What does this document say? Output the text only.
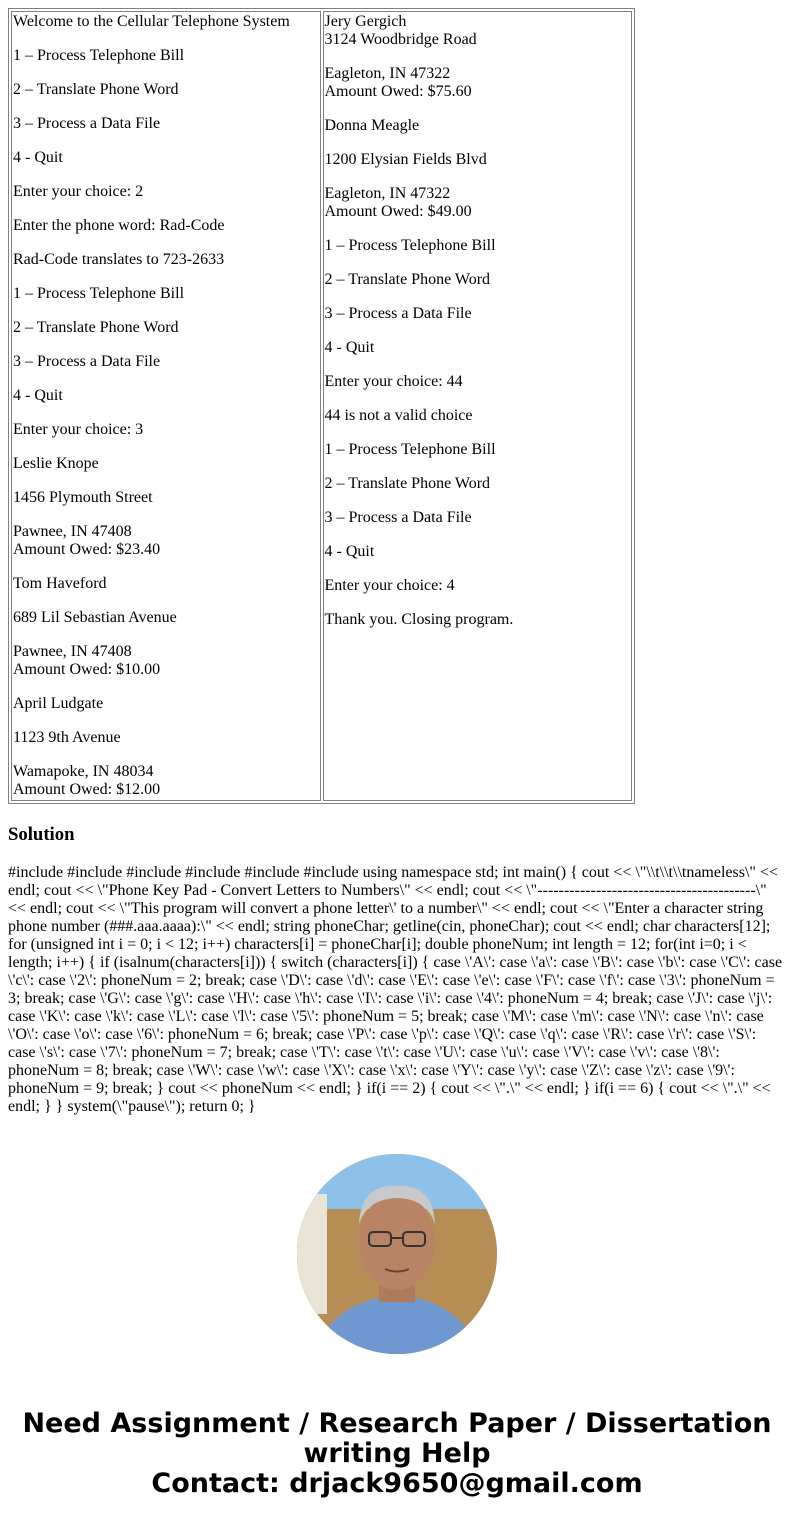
Welcome to the Cellular Telephone System

1 – Process Telephone Bill

2 – Translate Phone Word

3 – Process a Data File

4 - Quit

Enter your choice: 2

Enter the phone word: Rad-Code

Rad-Code translates to 723-2633

1 – Process Telephone Bill

2 – Translate Phone Word

3 – Process a Data File

4 - Quit

Enter your choice: 3

Leslie Knope

1456 Plymouth Street

Pawnee, IN 47408
Amount Owed: $23.40

Tom Haveford

689 Lil Sebastian Avenue

Pawnee, IN 47408
Amount Owed: $10.00

April Ludgate

1123 9th Avenue

Wamapoke, IN 48034
Amount Owed: $12.00

Jery Gergich
3124 Woodbridge Road

Eagleton, IN 47322
Amount Owed: $75.60

Donna Meagle

1200 Elysian Fields Blvd

Eagleton, IN 47322
Amount Owed: $49.00

1 – Process Telephone Bill

2 – Translate Phone Word

3 – Process a Data File

4 - Quit

Enter your choice: 44

44 is not a valid choice

1 – Process Telephone Bill

2 – Translate Phone Word

3 – Process a Data File

4 - Quit

Enter your choice: 4

Thank you. Closing program.

Solution

#include #include #include #include #include #include using namespace std; int main() { cout << \"\\t\\t\\tnameless\" << endl; cout << \"Phone Key Pad - Convert Letters to Numbers\" << endl; cout << \"-----------------------------------------\" << endl; cout << \"This program will convert a phone letter\' to a number\" << endl; cout << \"Enter a character string phone number (###.aaa.aaaa):\" << endl; string phoneChar; getline(cin, phoneChar); cout << endl; char characters[12]; for (unsigned int i = 0; i < 12; i++) characters[i] = phoneChar[i]; double phoneNum; int length = 12; for(int i=0; i < length; i++) { if (isalnum(characters[i])) { switch (characters[i]) { case \'A\': case \'a\': case \'B\': case \'b\': case \'C\': case \'c\': case \'2\': phoneNum = 2; break; case \'D\': case \'d\': case \'E\': case \'e\': case \'F\': case \'f\': case \'3\': phoneNum = 3; break; case \'G\': case \'g\': case \'H\': case \'h\': case \'I\': case \'i\': case \'4\': phoneNum = 4; break; case \'J\': case \'j\': case \'K\': case \'k\': case \'L\': case \'l\': case \'5\': phoneNum = 5; break; case \'M\': case \'m\': case \'N\': case \'n\': case \'O\': case \'o\': case \'6\': phoneNum = 6; break; case \'P\': case \'p\': case \'Q\': case \'q\': case \'R\': case \'r\': case \'S\': case \'s\': case \'7\': phoneNum = 7; break; case \'T\': case \'t\': case \'U\': case \'u\': case \'V\': case \'v\': case \'8\': phoneNum = 8; break; case \'W\': case \'w\': case \'X\': case \'x\': case \'Y\': case \'y\': case \'Z\': case \'z\': case \'9\': phoneNum = 9; break; } cout << phoneNum << endl; } if(i == 2) { cout << \".\" << endl; } if(i == 6) { cout << \".\" << endl; } } system(\"pause\"); return 0; }

Need Assignment / Research Paper / Dissertation
writing Help
Contact: drjack9650@gmail.com
